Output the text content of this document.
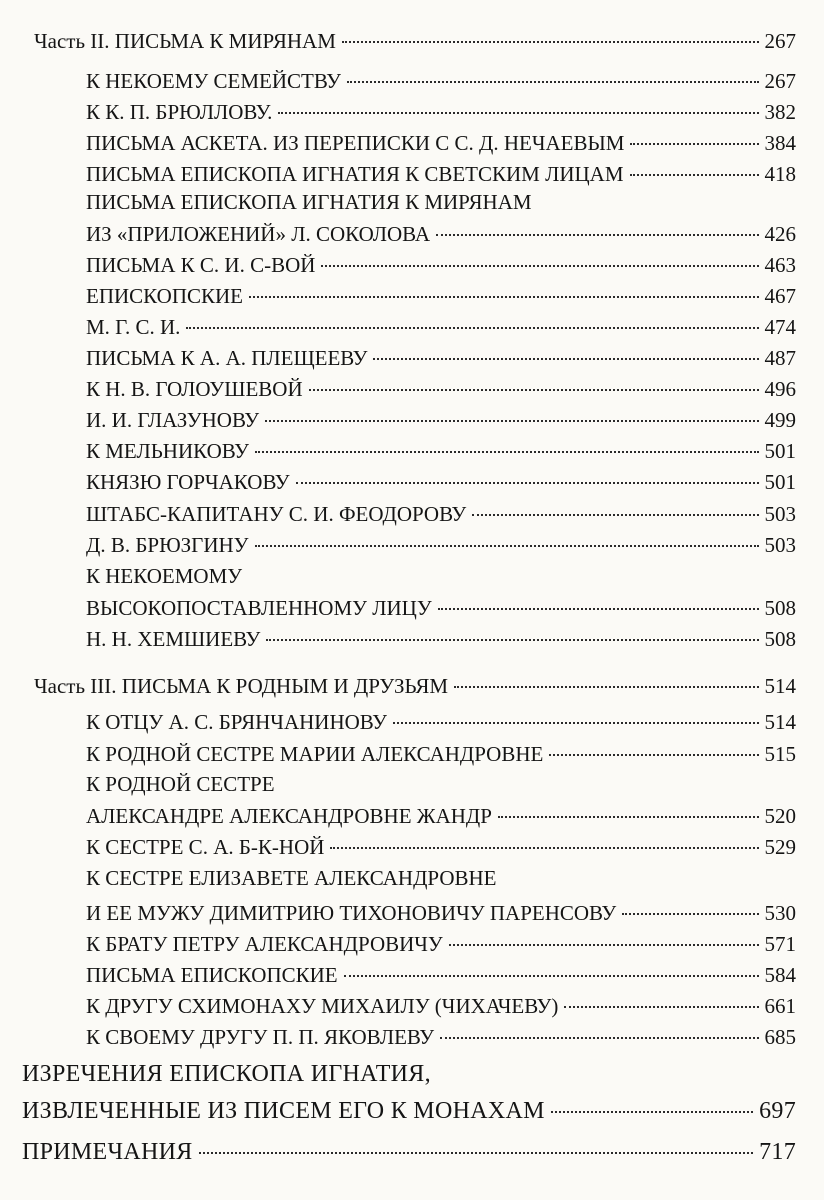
Часть II. ПИСЬМА К МИРЯНАМ	267
К НЕКОЕМУ СЕМЕЙСТВУ	267
К К. П. БРЮЛЛОВУ.	382
ПИСЬМА АСКЕТА. ИЗ ПЕРЕПИСКИ С С. Д. НЕЧАЕВЫМ	384
ПИСЬМА ЕПИСКОПА ИГНАТИЯ К СВЕТСКИМ ЛИЦАМ	418
ПИСЬМА ЕПИСКОПА ИГНАТИЯ К МИРЯНАМ
ИЗ «ПРИЛОЖЕНИЙ» Л. СОКОЛОВА	426
ПИСЬМА К С. И. С-ВОЙ	463
ЕПИСКОПСКИЕ	467
М. Г. С. И.	474
ПИСЬМА К А. А. ПЛЕЩЕЕВУ	487
К Н. В. ГОЛОУШЕВОЙ	496
И. И. ГЛАЗУНОВУ	499
К МЕЛЬНИКОВУ	501
КНЯЗЮ ГОРЧАКОВУ	501
ШТАБС-КАПИТАНУ С. И. ФЕОДОРОВУ	503
Д. В. БРЮЗГИНУ	503
К НЕКОЕМОМУ
ВЫСОКОПОСТАВЛЕННОМУ ЛИЦУ	508
Н. Н. ХЕМШИЕВУ	508
Часть III. ПИСЬМА К РОДНЫМ И ДРУЗЬЯМ	514
К ОТЦУ А. С. БРЯНЧАНИНОВУ	514
К РОДНОЙ СЕСТРЕ МАРИИ АЛЕКСАНДРОВНЕ	515
К РОДНОЙ СЕСТРЕ
АЛЕКСАНДРЕ АЛЕКСАНДРОВНЕ ЖАНДР	520
К СЕСТРЕ С. А. Б-К-НОЙ	529
К СЕСТРЕ ЕЛИЗАВЕТЕ АЛЕКСАНДРОВНЕ
И ЕЕ МУЖУ ДИМИТРИЮ ТИХОНОВИЧУ ПАРЕНСОВУ	530
К БРАТУ ПЕТРУ АЛЕКСАНДРОВИЧУ	571
ПИСЬМА ЕПИСКОПСКИЕ	584
К ДРУГУ СХИМОНАХУ МИХАИЛУ (ЧИХАЧЕВУ)	661
К СВОЕМУ ДРУГУ П. П. ЯКОВЛЕВУ	685
ИЗРЕЧЕНИЯ ЕПИСКОПА ИГНАТИЯ,
ИЗВЛЕЧЕННЫЕ ИЗ ПИСЕМ ЕГО К МОНАХАМ	697
ПРИМЕЧАНИЯ	717
